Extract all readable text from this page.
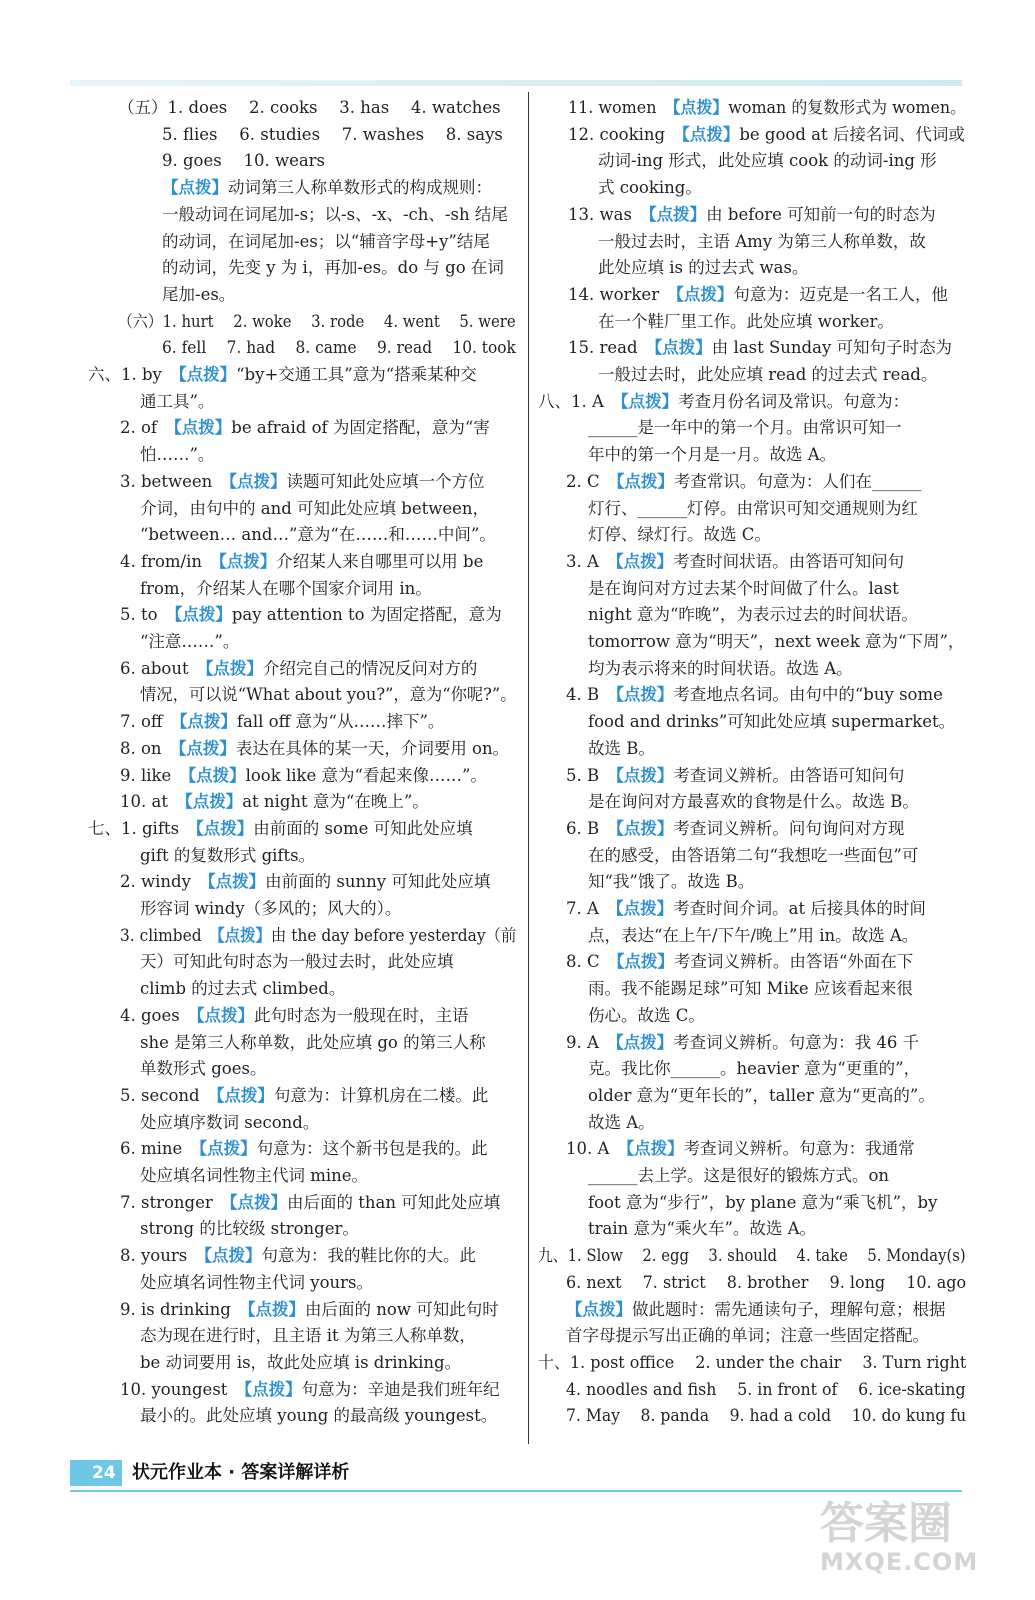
（五）1. does　 2. cooks　 3. has　 4. watches
5. flies　 6. studies　 7. washes　 8. says
9. goes　 10. wears
【点拨】动词第三人称单数形式的构成规则：
一般动词在词尾加-s；以-s、-x、-ch、-sh 结尾
的动词，在词尾加-es；以“辅音字母+y”结尾
的动词，先变 y 为 i，再加-es。do 与 go 在词
尾加-es。
（六）1. hurt　 2. woke　 3. rode　 4. went　 5. were
6. fell　 7. had　 8. came　 9. read　 10. took
六、1. by　【点拨】“by+交通工具”意为“搭乘某种交
通工具”。
2. of　【点拨】be afraid of 为固定搭配，意为“害
怕……”。
3. between　【点拨】读题可知此处应填一个方位
介词，由句中的 and 可知此处应填 between，
“between… and…”意为“在……和……中间”。
4. from/in　【点拨】介绍某人来自哪里可以用 be
from，介绍某人在哪个国家介词用 in。
5. to　【点拨】pay attention to 为固定搭配，意为
“注意……”。
6. about　【点拨】介绍完自己的情况反问对方的
情况，可以说“What about you?”，意为“你呢?”。
7. off　【点拨】fall off 意为“从……摔下”。
8. on　【点拨】表达在具体的某一天，介词要用 on。
9. like　【点拨】look like 意为“看起来像……”。
10. at　【点拨】at night 意为“在晚上”。
七、1. gifts　【点拨】由前面的 some 可知此处应填
gift 的复数形式 gifts。
2. windy　【点拨】由前面的 sunny 可知此处应填
形容词 windy（多风的；风大的）。
3. climbed　【点拨】由 the day before yesterday（前
天）可知此句时态为一般过去时，此处应填
climb 的过去式 climbed。
4. goes　【点拨】此句时态为一般现在时，主语
she 是第三人称单数，此处应填 go 的第三人称
单数形式 goes。
5. second　【点拨】句意为：计算机房在二楼。此
处应填序数词 second。
6. mine　【点拨】句意为：这个新书包是我的。此
处应填名词性物主代词 mine。
7. stronger　【点拨】由后面的 than 可知此处应填
strong 的比较级 stronger。
8. yours　【点拨】句意为：我的鞋比你的大。此
处应填名词性物主代词 yours。
9. is drinking　【点拨】由后面的 now 可知此句时
态为现在进行时，且主语 it 为第三人称单数，
be 动词要用 is，故此处应填 is drinking。
10. youngest　【点拨】句意为：辛迪是我们班年纪
最小的。此处应填 young 的最高级 youngest。
11. women　【点拨】woman 的复数形式为 women。
12. cooking　【点拨】be good at 后接名词、代词或
动词-ing 形式，此处应填 cook 的动词-ing 形
式 cooking。
13. was　【点拨】由 before 可知前一句的时态为
一般过去时，主语 Amy 为第三人称单数，故
此处应填 is 的过去式 was。
14. worker　【点拨】句意为：迈克是一名工人，他
在一个鞋厂里工作。此处应填 worker。
15. read　【点拨】由 last Sunday 可知句子时态为
一般过去时，此处应填 read 的过去式 read。
八、1. A　【点拨】考查月份名词及常识。句意为：
______是一年中的第一个月。由常识可知一
年中的第一个月是一月。故选 A。
2. C　【点拨】考查常识。句意为：人们在______
灯行、______灯停。由常识可知交通规则为红
灯停、绿灯行。故选 C。
3. A　【点拨】考查时间状语。由答语可知问句
是在询问对方过去某个时间做了什么。last
night 意为“昨晚”，为表示过去的时间状语。
tomorrow 意为“明天”，next week 意为“下周”，
均为表示将来的时间状语。故选 A。
4. B　【点拨】考查地点名词。由句中的“buy some
food and drinks”可知此处应填 supermarket。
故选 B。
5. B　【点拨】考查词义辨析。由答语可知问句
是在询问对方最喜欢的食物是什么。故选 B。
6. B　【点拨】考查词义辨析。问句询问对方现
在的感受，由答语第二句“我想吃一些面包”可
知“我”饿了。故选 B。
7. A　【点拨】考查时间介词。at 后接具体的时间
点，表达“在上午/下午/晚上”用 in。故选 A。
8. C　【点拨】考查词义辨析。由答语“外面在下
雨。我不能踢足球”可知 Mike 应该看起来很
伤心。故选 C。
9. A　【点拨】考查词义辨析。句意为：我 46 千
克。我比你______。heavier 意为“更重的”，
older 意为“更年长的”，taller 意为“更高的”。
故选 A。
10. A　【点拨】考查词义辨析。句意为：我通常
______去上学。这是很好的锻炼方式。on
foot 意为“步行”，by plane 意为“乘飞机”，by
train 意为“乘火车”。故选 A。
九、1. Slow　 2. egg　 3. should　 4. take　 5. Monday(s)
6. next　 7. strict　 8. brother　 9. long　 10. ago
【点拨】做此题时：需先通读句子，理解句意；根据
首字母提示写出正确的单词；注意一些固定搭配。
十、1. post office　 2. under the chair　 3. Turn right
4. noodles and fish　 5. in front of　 6. ice-skating
7. May　 8. panda　 9. had a cold　 10. do kung fu
24 状元作业本 · 答案详解详析
答案圈
MXQE.COM
